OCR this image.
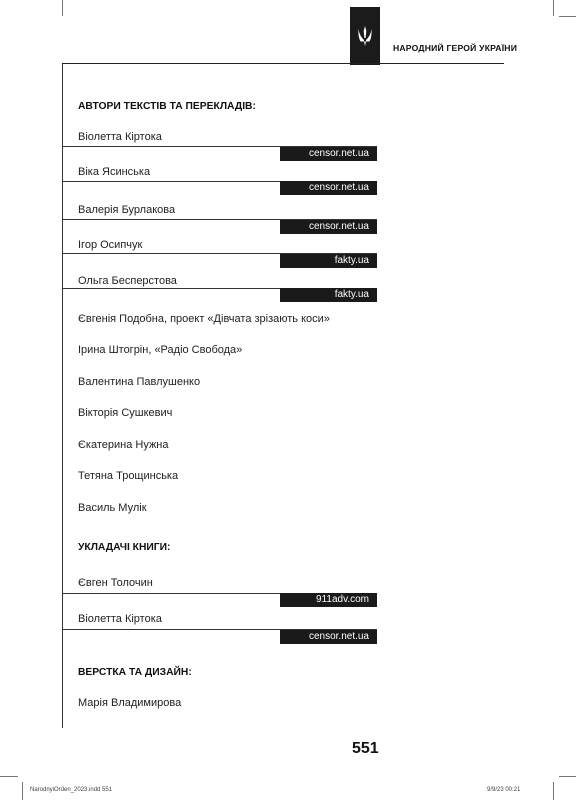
НАРОДНИЙ ГЕРОЙ УКРАЇНИ
АВТОРИ ТЕКСТІВ ТА ПЕРЕКЛАДІВ:
Віолетта Кіртока
censor.net.ua
Віка Ясинська
censor.net.ua
Валерія Бурлакова
censor.net.ua
Ігор Осипчук
fakty.ua
Ольга Бесперстова
fakty.ua
Євгенія Подобна, проект «Дівчата зрізають коси»
Ірина Штогрін, «Радіо Свобода»
Валентина Павлушенко
Вікторія Сушкевич
Єкатерина Нужна
Тетяна Трощинська
Василь Мулік
УКЛАДАЧІ КНИГИ:
Євген Толочин
911adv.com
Віолетта Кіртока
censor.net.ua
ВЕРСТКА ТА ДИЗАЙН:
Марія Владимирова
551
NarodnyiOrden_2023.indd 551	9/9/23 00:21
